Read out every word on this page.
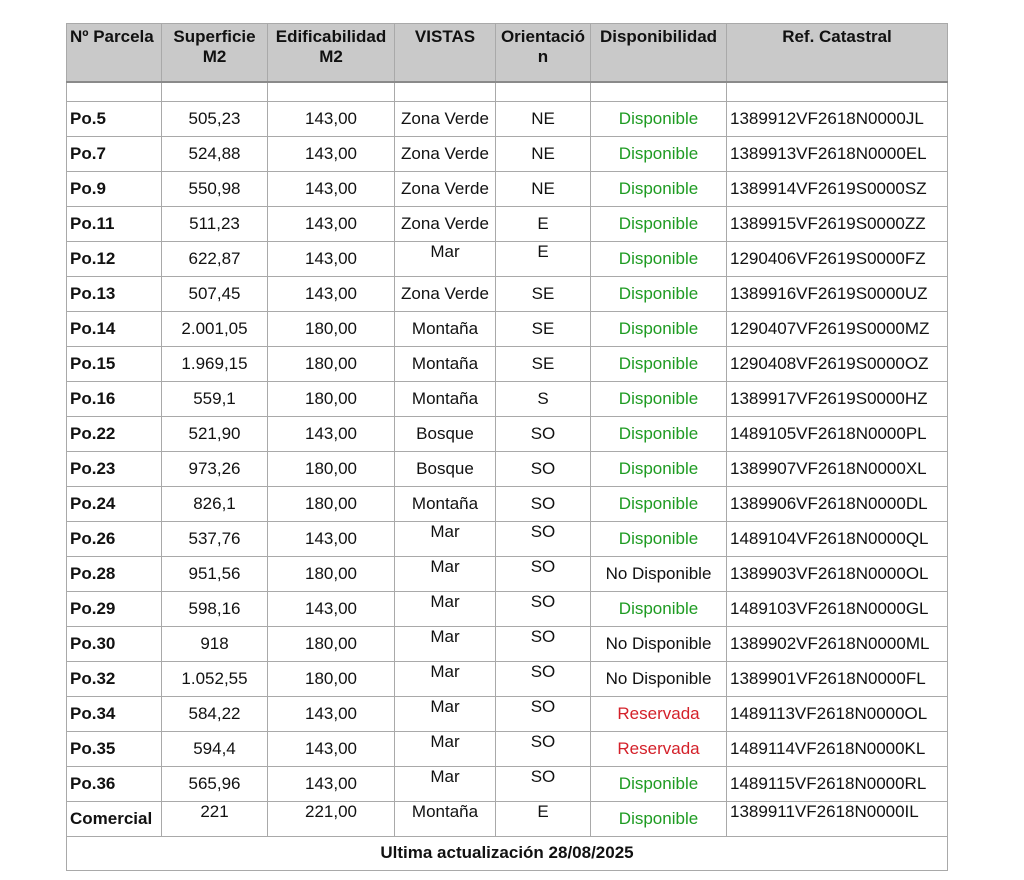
Nº Parcela	Superficie M2	Edificabilidad M2	VISTAS	Orientación	Disponibilidad	Ref. Catastral

Po.5	505,23	143,00	Zona Verde	NE	Disponible	1389912VF2618N0000JL
Po.7	524,88	143,00	Zona Verde	NE	Disponible	1389913VF2618N0000EL
Po.9	550,98	143,00	Zona Verde	NE	Disponible	1389914VF2619S0000SZ
Po.11	511,23	143,00	Zona Verde	E	Disponible	1389915VF2619S0000ZZ
Po.12	622,87	143,00	Mar	E	Disponible	1290406VF2619S0000FZ
Po.13	507,45	143,00	Zona Verde	SE	Disponible	1389916VF2619S0000UZ
Po.14	2.001,05	180,00	Montaña	SE	Disponible	1290407VF2619S0000MZ
Po.15	1.969,15	180,00	Montaña	SE	Disponible	1290408VF2619S0000OZ
Po.16	559,1	180,00	Montaña	S	Disponible	1389917VF2619S0000HZ
Po.22	521,90	143,00	Bosque	SO	Disponible	1489105VF2618N0000PL
Po.23	973,26	180,00	Bosque	SO	Disponible	1389907VF2618N0000XL
Po.24	826,1	180,00	Montaña	SO	Disponible	1389906VF2618N0000DL
Po.26	537,76	143,00	Mar	SO	Disponible	1489104VF2618N0000QL
Po.28	951,56	180,00	Mar	SO	No Disponible	1389903VF2618N0000OL
Po.29	598,16	143,00	Mar	SO	Disponible	1489103VF2618N0000GL
Po.30	918	180,00	Mar	SO	No Disponible	1389902VF2618N0000ML
Po.32	1.052,55	180,00	Mar	SO	No Disponible	1389901VF2618N0000FL
Po.34	584,22	143,00	Mar	SO	Reservada	1489113VF2618N0000OL
Po.35	594,4	143,00	Mar	SO	Reservada	1489114VF2618N0000KL
Po.36	565,96	143,00	Mar	SO	Disponible	1489115VF2618N0000RL
Comercial	221	221,00	Montaña	E	Disponible	1389911VF2618N0000IL
Ultima actualización 28/08/2025						
